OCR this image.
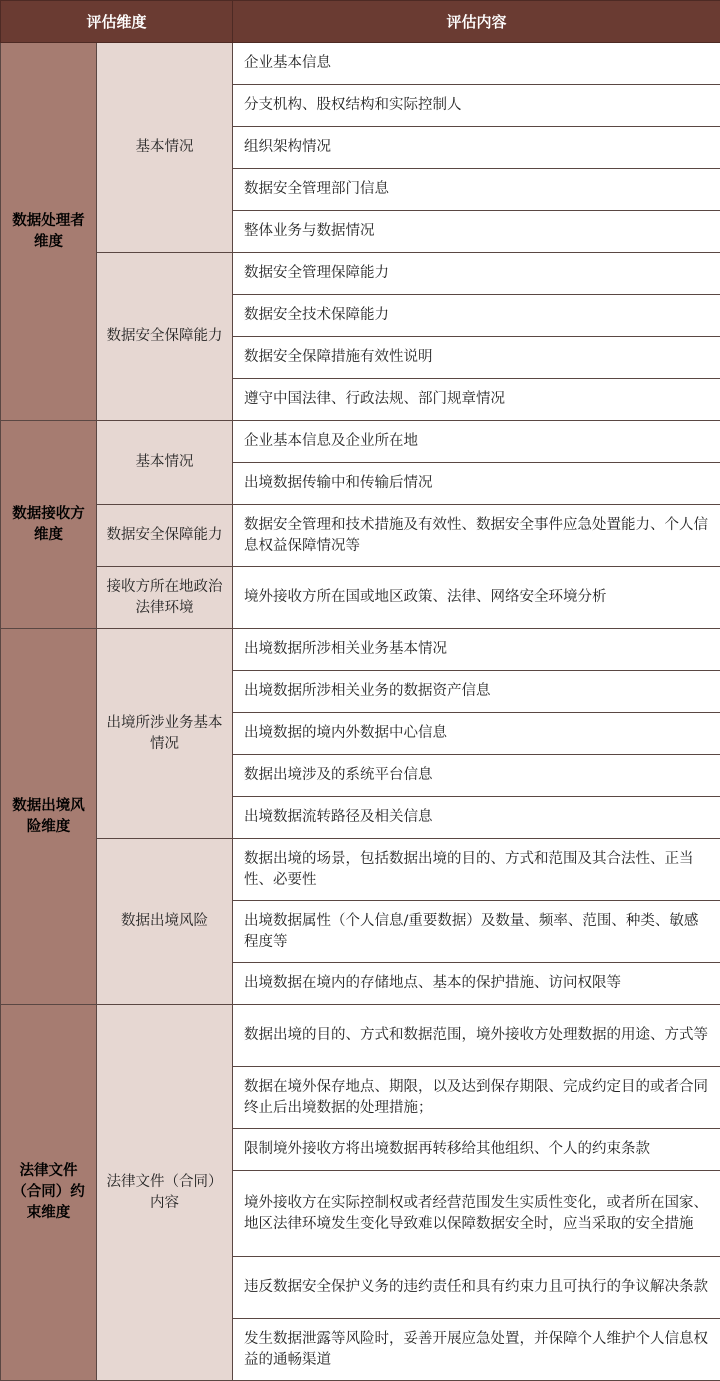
评估维度		评估内容
数据处理者维度	基本情况	企业基本信息
		分支机构、股权结构和实际控制人
		组织架构情况
		数据安全管理部门信息
		整体业务与数据情况
	数据安全保障能力	数据安全管理保障能力
		数据安全技术保障能力
		数据安全保障措施有效性说明
		遵守中国法律、行政法规、部门规章情况
数据接收方维度	基本情况	企业基本信息及企业所在地
		出境数据传输中和传输后情况
	数据安全保障能力	数据安全管理和技术措施及有效性、数据安全事件应急处置能力、个人信息权益保障情况等
	接收方所在地政治法律环境	境外接收方所在国或地区政策、法律、网络安全环境分析
数据出境风险维度	出境所涉业务基本情况	出境数据所涉相关业务基本情况
		出境数据所涉相关业务的数据资产信息
		出境数据的境内外数据中心信息
		数据出境涉及的系统平台信息
		出境数据流转路径及相关信息
	数据出境风险	数据出境的场景，包括数据出境的目的、方式和范围及其合法性、正当性、必要性
		出境数据属性（个人信息/重要数据）及数量、频率、范围、种类、敏感程度等
		出境数据在境内的存储地点、基本的保护措施、访问权限等
法律文件（合同）约束维度	法律文件（合同）内容	数据出境的目的、方式和数据范围，境外接收方处理数据的用途、方式等
		数据在境外保存地点、期限，以及达到保存期限、完成约定目的或者合同终止后出境数据的处理措施；
		限制境外接收方将出境数据再转移给其他组织、个人的约束条款
		境外接收方在实际控制权或者经营范围发生实质性变化，或者所在国家、地区法律环境发生变化导致难以保障数据安全时，应当采取的安全措施
		违反数据安全保护义务的违约责任和具有约束力且可执行的争议解决条款
		发生数据泄露等风险时，妥善开展应急处置，并保障个人维护个人信息权益的通畅渠道
